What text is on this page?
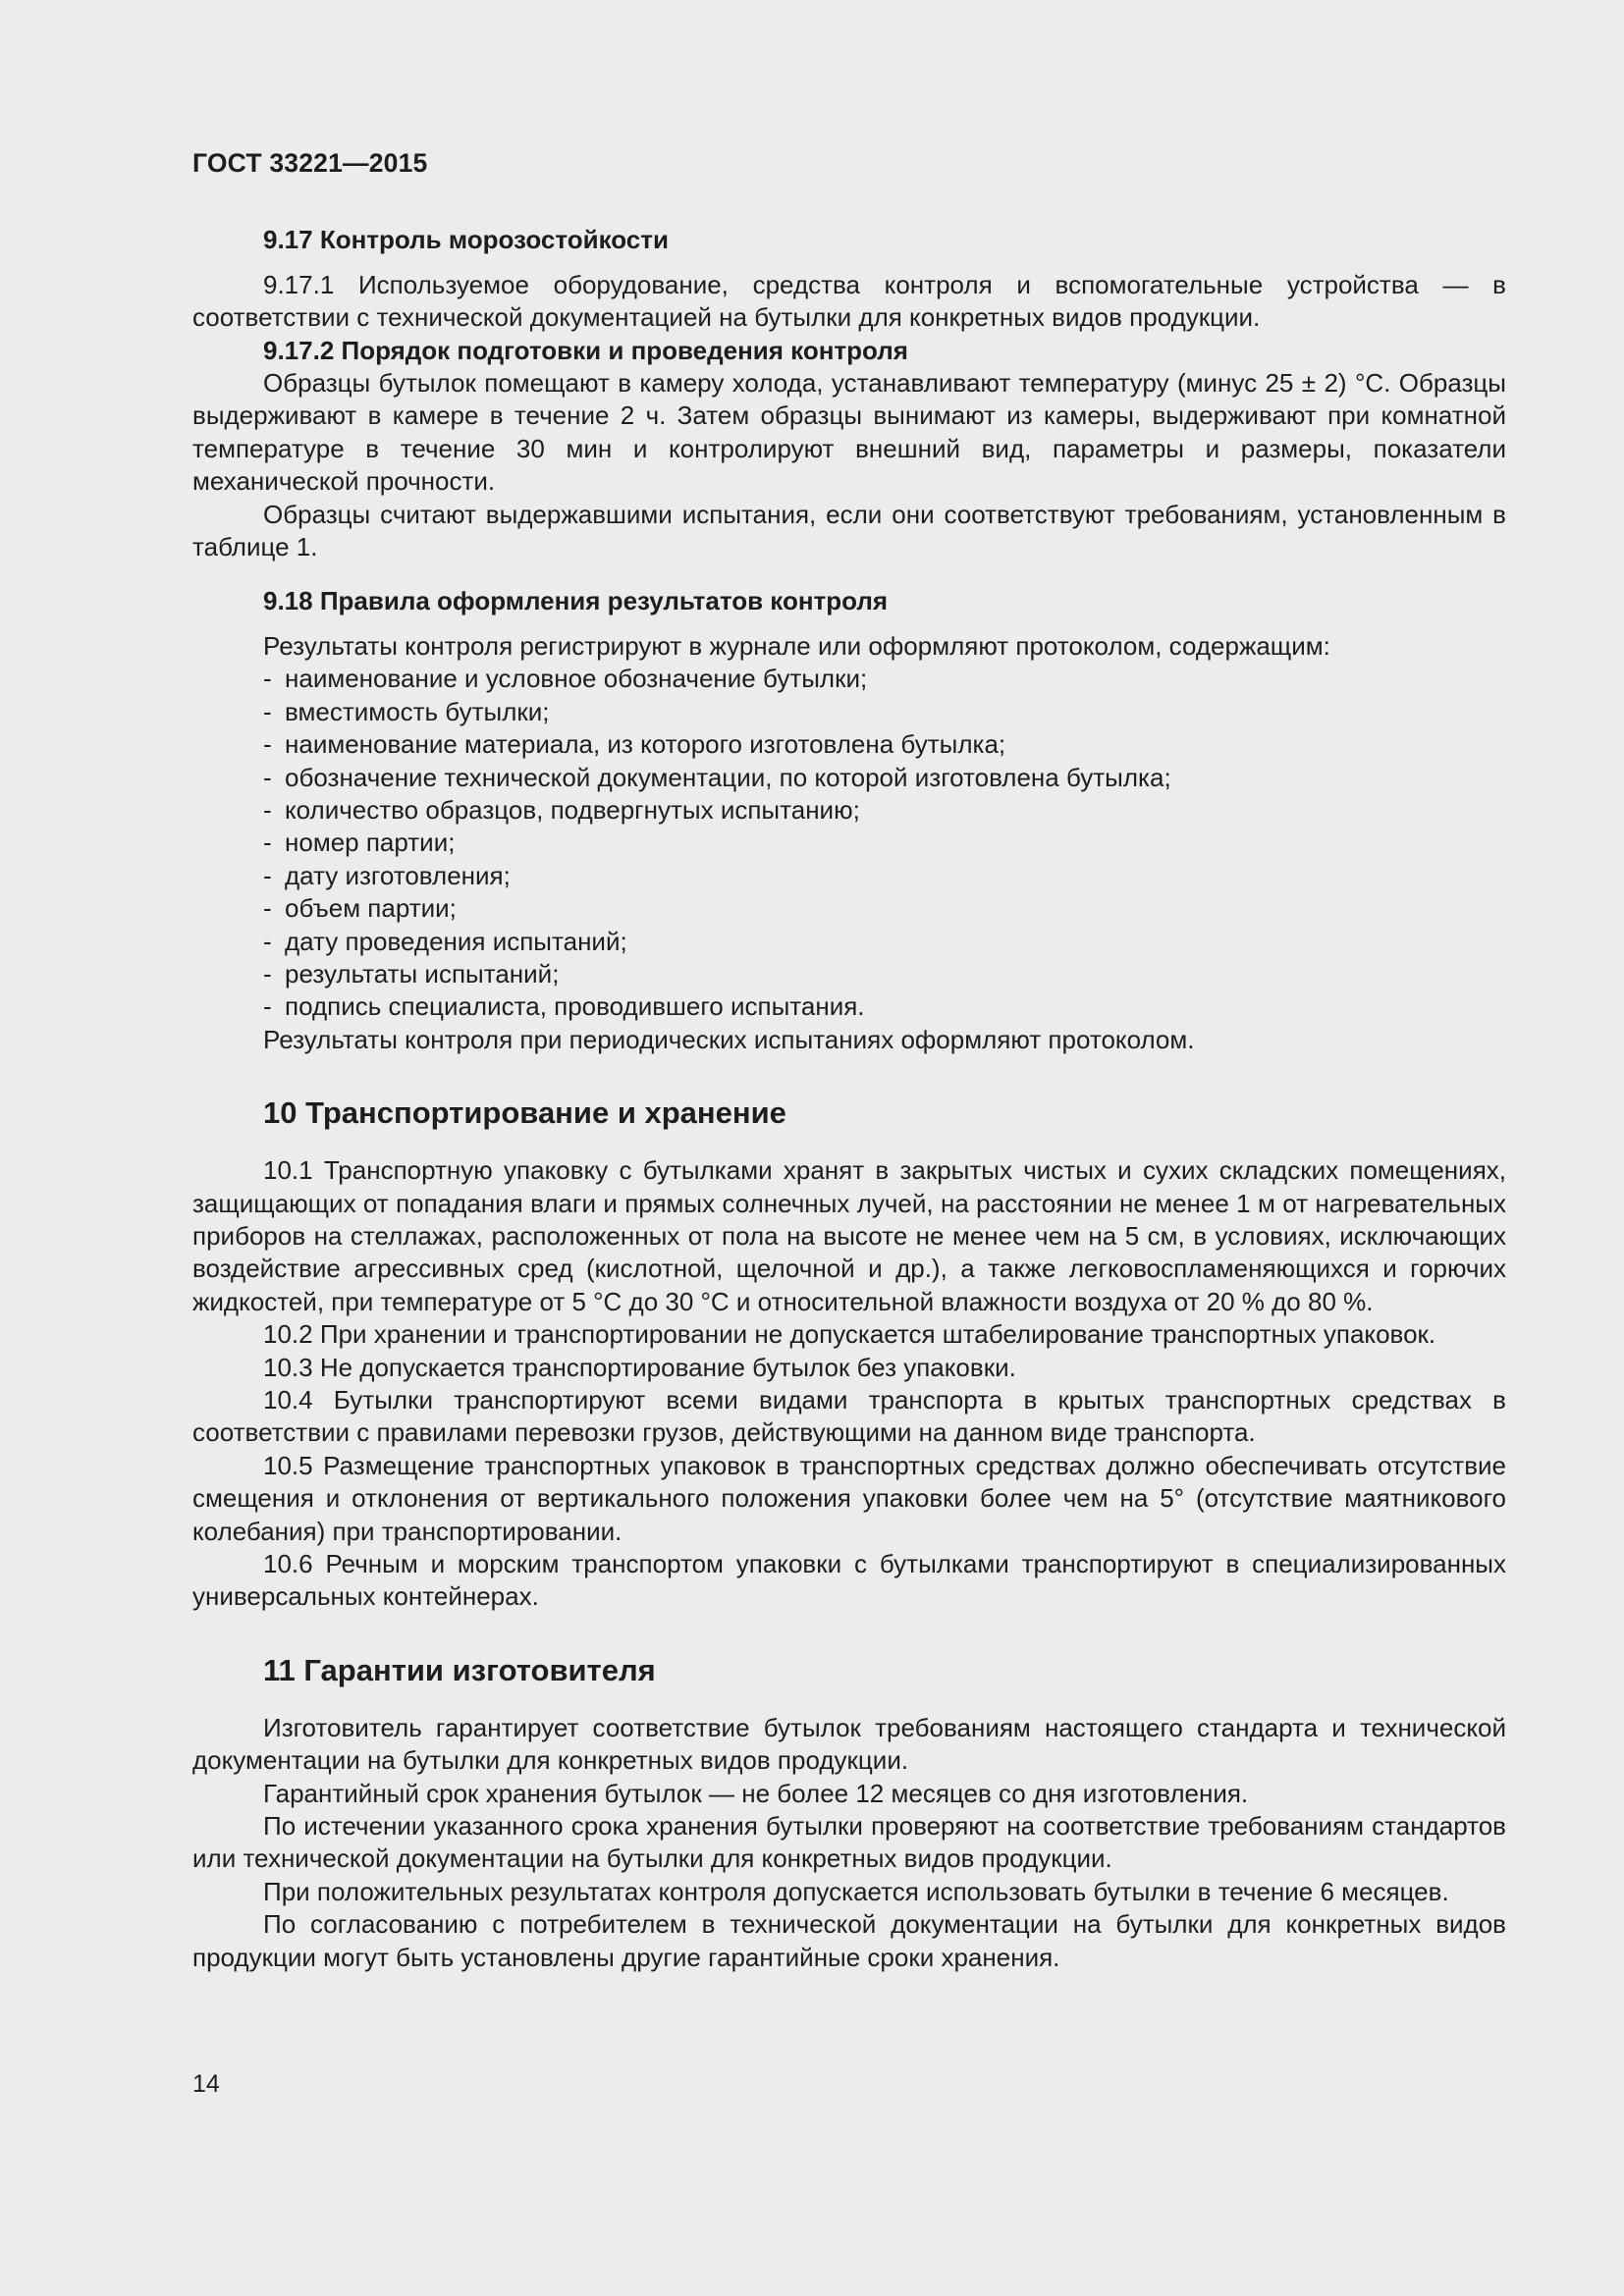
ГОСТ 33221—2015
9.17 Контроль морозостойкости

9.17.1 Используемое оборудование, средства контроля и вспомогательные устройства — в соответствии с технической документацией на бутылки для конкретных видов продукции.

9.17.2 Порядок подготовки и проведения контроля

Образцы бутылок помещают в камеру холода, устанавливают температуру (минус 25 ± 2) °С. Образцы выдерживают в камере в течение 2 ч. Затем образцы вынимают из камеры, выдерживают при комнатной температуре в течение 30 мин и контролируют внешний вид, параметры и размеры, показатели механической прочности.

Образцы считают выдержавшими испытания, если они соответствуют требованиям, установленным в таблице 1.

9.18 Правила оформления результатов контроля

Результаты контроля регистрируют в журнале или оформляют протоколом, содержащим:

- наименование и условное обозначение бутылки;
- вместимость бутылки;
- наименование материала, из которого изготовлена бутылка;
- обозначение технической документации, по которой изготовлена бутылка;
- количество образцов, подвергнутых испытанию;
- номер партии;
- дату изготовления;
- объем партии;
- дату проведения испытаний;
- результаты испытаний;
- подпись специалиста, проводившего испытания.

Результаты контроля при периодических испытаниях оформляют протоколом.

10 Транспортирование и хранение

10.1 Транспортную упаковку с бутылками хранят в закрытых чистых и сухих складских помещениях, защищающих от попадания влаги и прямых солнечных лучей, на расстоянии не менее 1 м от нагревательных приборов на стеллажах, расположенных от пола на высоте не менее чем на 5 см, в условиях, исключающих воздействие агрессивных сред (кислотной, щелочной и др.), а также легковоспламеняющихся и горючих жидкостей, при температуре от 5 °С до 30 °С и относительной влажности воздуха от 20 % до 80 %.

10.2 При хранении и транспортировании не допускается штабелирование транспортных упаковок.

10.3 Не допускается транспортирование бутылок без упаковки.

10.4 Бутылки транспортируют всеми видами транспорта в крытых транспортных средствах в соответствии с правилами перевозки грузов, действующими на данном виде транспорта.

10.5 Размещение транспортных упаковок в транспортных средствах должно обеспечивать отсутствие смещения и отклонения от вертикального положения упаковки более чем на 5° (отсутствие маятникового колебания) при транспортировании.

10.6 Речным и морским транспортом упаковки с бутылками транспортируют в специализированных универсальных контейнерах.

11 Гарантии изготовителя

Изготовитель гарантирует соответствие бутылок требованиям настоящего стандарта и технической документации на бутылки для конкретных видов продукции.

Гарантийный срок хранения бутылок — не более 12 месяцев со дня изготовления.

По истечении указанного срока хранения бутылки проверяют на соответствие требованиям стандартов или технической документации на бутылки для конкретных видов продукции.

При положительных результатах контроля допускается использовать бутылки в течение 6 месяцев.

По согласованию с потребителем в технической документации на бутылки для конкретных видов продукции могут быть установлены другие гарантийные сроки хранения.

14
